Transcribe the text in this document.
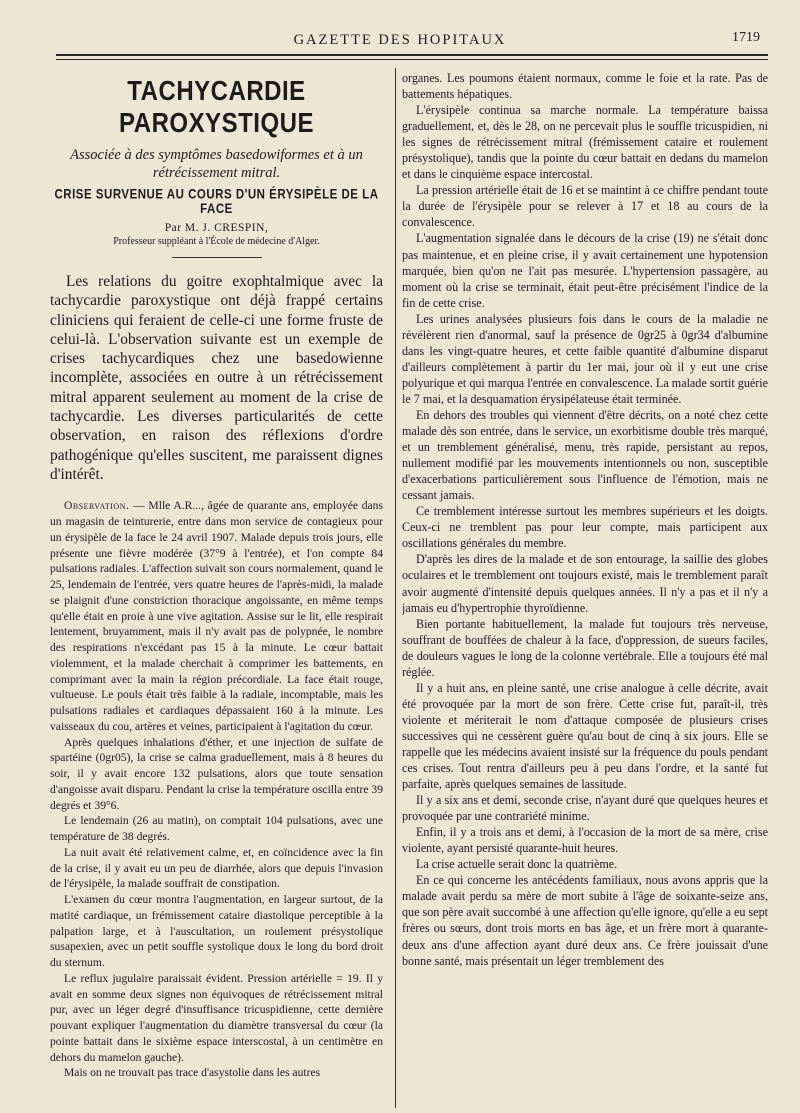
GAZETTE DES HOPITAUX	1719
TACHYCARDIE PAROXYSTIQUE

Associée à des symptômes basedowiformes et à un rétrécissement mitral.

CRISE SURVENUE AU COURS D'UN ÉRYSIPÈLE DE LA FACE

Par M. J. CRESPIN,

Professeur suppléant à l'École de médecine d'Alger.

Les relations du goitre exophtalmique avec la tachycardie paroxystique ont déjà frappé certains cliniciens qui feraient de celle-ci une forme fruste de celui-là. L'observation suivante est un exemple de crises tachycardiques chez une basedowienne incomplète, associées en outre à un rétrécissement mitral apparent seulement au moment de la crise de tachycardie. Les diverses particularités de cette observation, en raison des réflexions d'ordre pathogénique qu'elles suscitent, me paraissent dignes d'intérêt.

Observation. — Mlle A.R..., âgée de quarante ans, employée dans un magasin de teinturerie, entre dans mon service de contagieux pour un érysipèle de la face le 24 avril 1907. Malade depuis trois jours, elle présente une fièvre modérée (37°9 à l'entrée), et l'on compte 84 pulsations radiales. L'affection suivait son cours normalement, quand le 25, lendemain de l'entrée, vers quatre heures de l'après-midi, la malade se plaignit d'une constriction thoracique angoissante, en même temps qu'elle était en proie à une vive agitation. Assise sur le lit, elle respirait lentement, bruyamment, mais il n'y avait pas de polypnée, le nombre des respirations n'excédant pas 15 à la minute. Le cœur battait violemment, et la malade cherchait à comprimer les battements, en comprimant avec la main la région précordiale. La face était rouge, vultueuse. Le pouls était très faible à la radiale, incomptable, mais les pulsations radiales et cardiaques dépassaient 160 à la minute. Les vaisseaux du cou, artères et veines, participaient à l'agitation du cœur.

Après quelques inhalations d'éther, et une injection de sulfate de spartéine (0gr05), la crise se calma graduellement, mais à 8 heures du soir, il y avait encore 132 pulsations, alors que toute sensation d'angoisse avait disparu. Pendant la crise la température oscilla entre 39 degrés et 39°6.

Le lendemain (26 au matin), on comptait 104 pulsations, avec une température de 38 degrés.

La nuit avait été relativement calme, et, en coïncidence avec la fin de la crise, il y avait eu un peu de diarrhée, alors que depuis l'invasion de l'érysipèle, la malade souffrait de constipation.

L'examen du cœur montra l'augmentation, en largeur surtout, de la matité cardiaque, un frémissement cataire diastolique perceptible à la palpation large, et à l'auscultation, un roulement présystolique susapexien, avec un petit souffle systolique doux le long du bord droit du sternum.

Le reflux jugulaire paraissait évident. Pression artérielle = 19. Il y avait en somme deux signes non équivoques de rétrécissement mitral pur, avec un léger degré d'insuffisance tricuspidienne, cette dernière pouvant expliquer l'augmentation du diamètre transversal du cœur (la pointe battait dans le sixième espace interscostal, à un centimètre en dehors du mamelon gauche).

Mais on ne trouvait pas trace d'asystolie dans les autres

organes. Les poumons étaient normaux, comme le foie et la rate. Pas de battements hépatiques.

L'érysipèle continua sa marche normale. La température baissa graduellement, et, dès le 28, on ne percevait plus le souffle tricuspidien, ni les signes de rétrécissement mitral (frémissement cataire et roulement présystolique), tandis que la pointe du cœur battait en dedans du mamelon et dans le cinquième espace intercostal.

La pression artérielle était de 16 et se maintint à ce chiffre pendant toute la durée de l'érysipèle pour se relever à 17 et 18 au cours de la convalescence.

L'augmentation signalée dans le décours de la crise (19) ne s'était donc pas maintenue, et en pleine crise, il y avait certainement une hypotension marquée, bien qu'on ne l'ait pas mesurée. L'hypertension passagère, au moment où la crise se terminait, était peut-être précisément l'indice de la fin de cette crise.

Les urines analysées plusieurs fois dans le cours de la maladie ne révélèrent rien d'anormal, sauf la présence de 0gr25 à 0gr34 d'albumine dans les vingt-quatre heures, et cette faible quantité d'albumine disparut d'ailleurs complètement à partir du 1er mai, jour où il y eut une crise polyurique et qui marqua l'entrée en convalescence. La malade sortit guérie le 7 mai, et la desquamation érysipélateuse était terminée.

En dehors des troubles qui viennent d'être décrits, on a noté chez cette malade dès son entrée, dans le service, un exorbitisme double très marqué, et un tremblement généralisé, menu, très rapide, persistant au repos, nullement modifié par les mouvements intentionnels ou non, susceptible d'exacerbations particulièrement sous l'influence de l'émotion, mais ne cessant jamais.

Ce tremblement intéresse surtout les membres supérieurs et les doigts. Ceux-ci ne tremblent pas pour leur compte, mais participent aux oscillations générales du membre.

D'après les dires de la malade et de son entourage, la saillie des globes oculaires et le tremblement ont toujours existé, mais le tremblement paraît avoir augmenté d'intensité depuis quelques années. Il n'y a pas et il n'y a jamais eu d'hypertrophie thyroïdienne.

Bien portante habituellement, la malade fut toujours très nerveuse, souffrant de bouffées de chaleur à la face, d'oppression, de sueurs faciles, de douleurs vagues le long de la colonne vertébrale. Elle a toujours été mal réglée.

Il y a huit ans, en pleine santé, une crise analogue à celle décrite, avait été provoquée par la mort de son frère. Cette crise fut, paraît-il, très violente et mériterait le nom d'attaque composée de plusieurs crises successives qui ne cessèrent guère qu'au bout de cinq à six jours. Elle se rappelle que les médecins avaient insisté sur la fréquence du pouls pendant ces crises. Tout rentra d'ailleurs peu à peu dans l'ordre, et la santé fut parfaite, après quelques semaines de lassitude.

Il y a six ans et demi, seconde crise, n'ayant duré que quelques heures et provoquée par une contrariété minime.

Enfin, il y a trois ans et demi, à l'occasion de la mort de sa mère, crise violente, ayant persisté quarante-huit heures.

La crise actuelle serait donc la quatrième.

En ce qui concerne les antécédents familiaux, nous avons appris que la malade avait perdu sa mère de mort subite à l'âge de soixante-seize ans, que son père avait succombé à une affection qu'elle ignore, qu'elle a eu sept frères ou sœurs, dont trois morts en bas âge, et un frère mort à quarante-deux ans d'une affection ayant duré deux ans. Ce frère jouissait d'une bonne santé, mais présentait un léger tremblement des
